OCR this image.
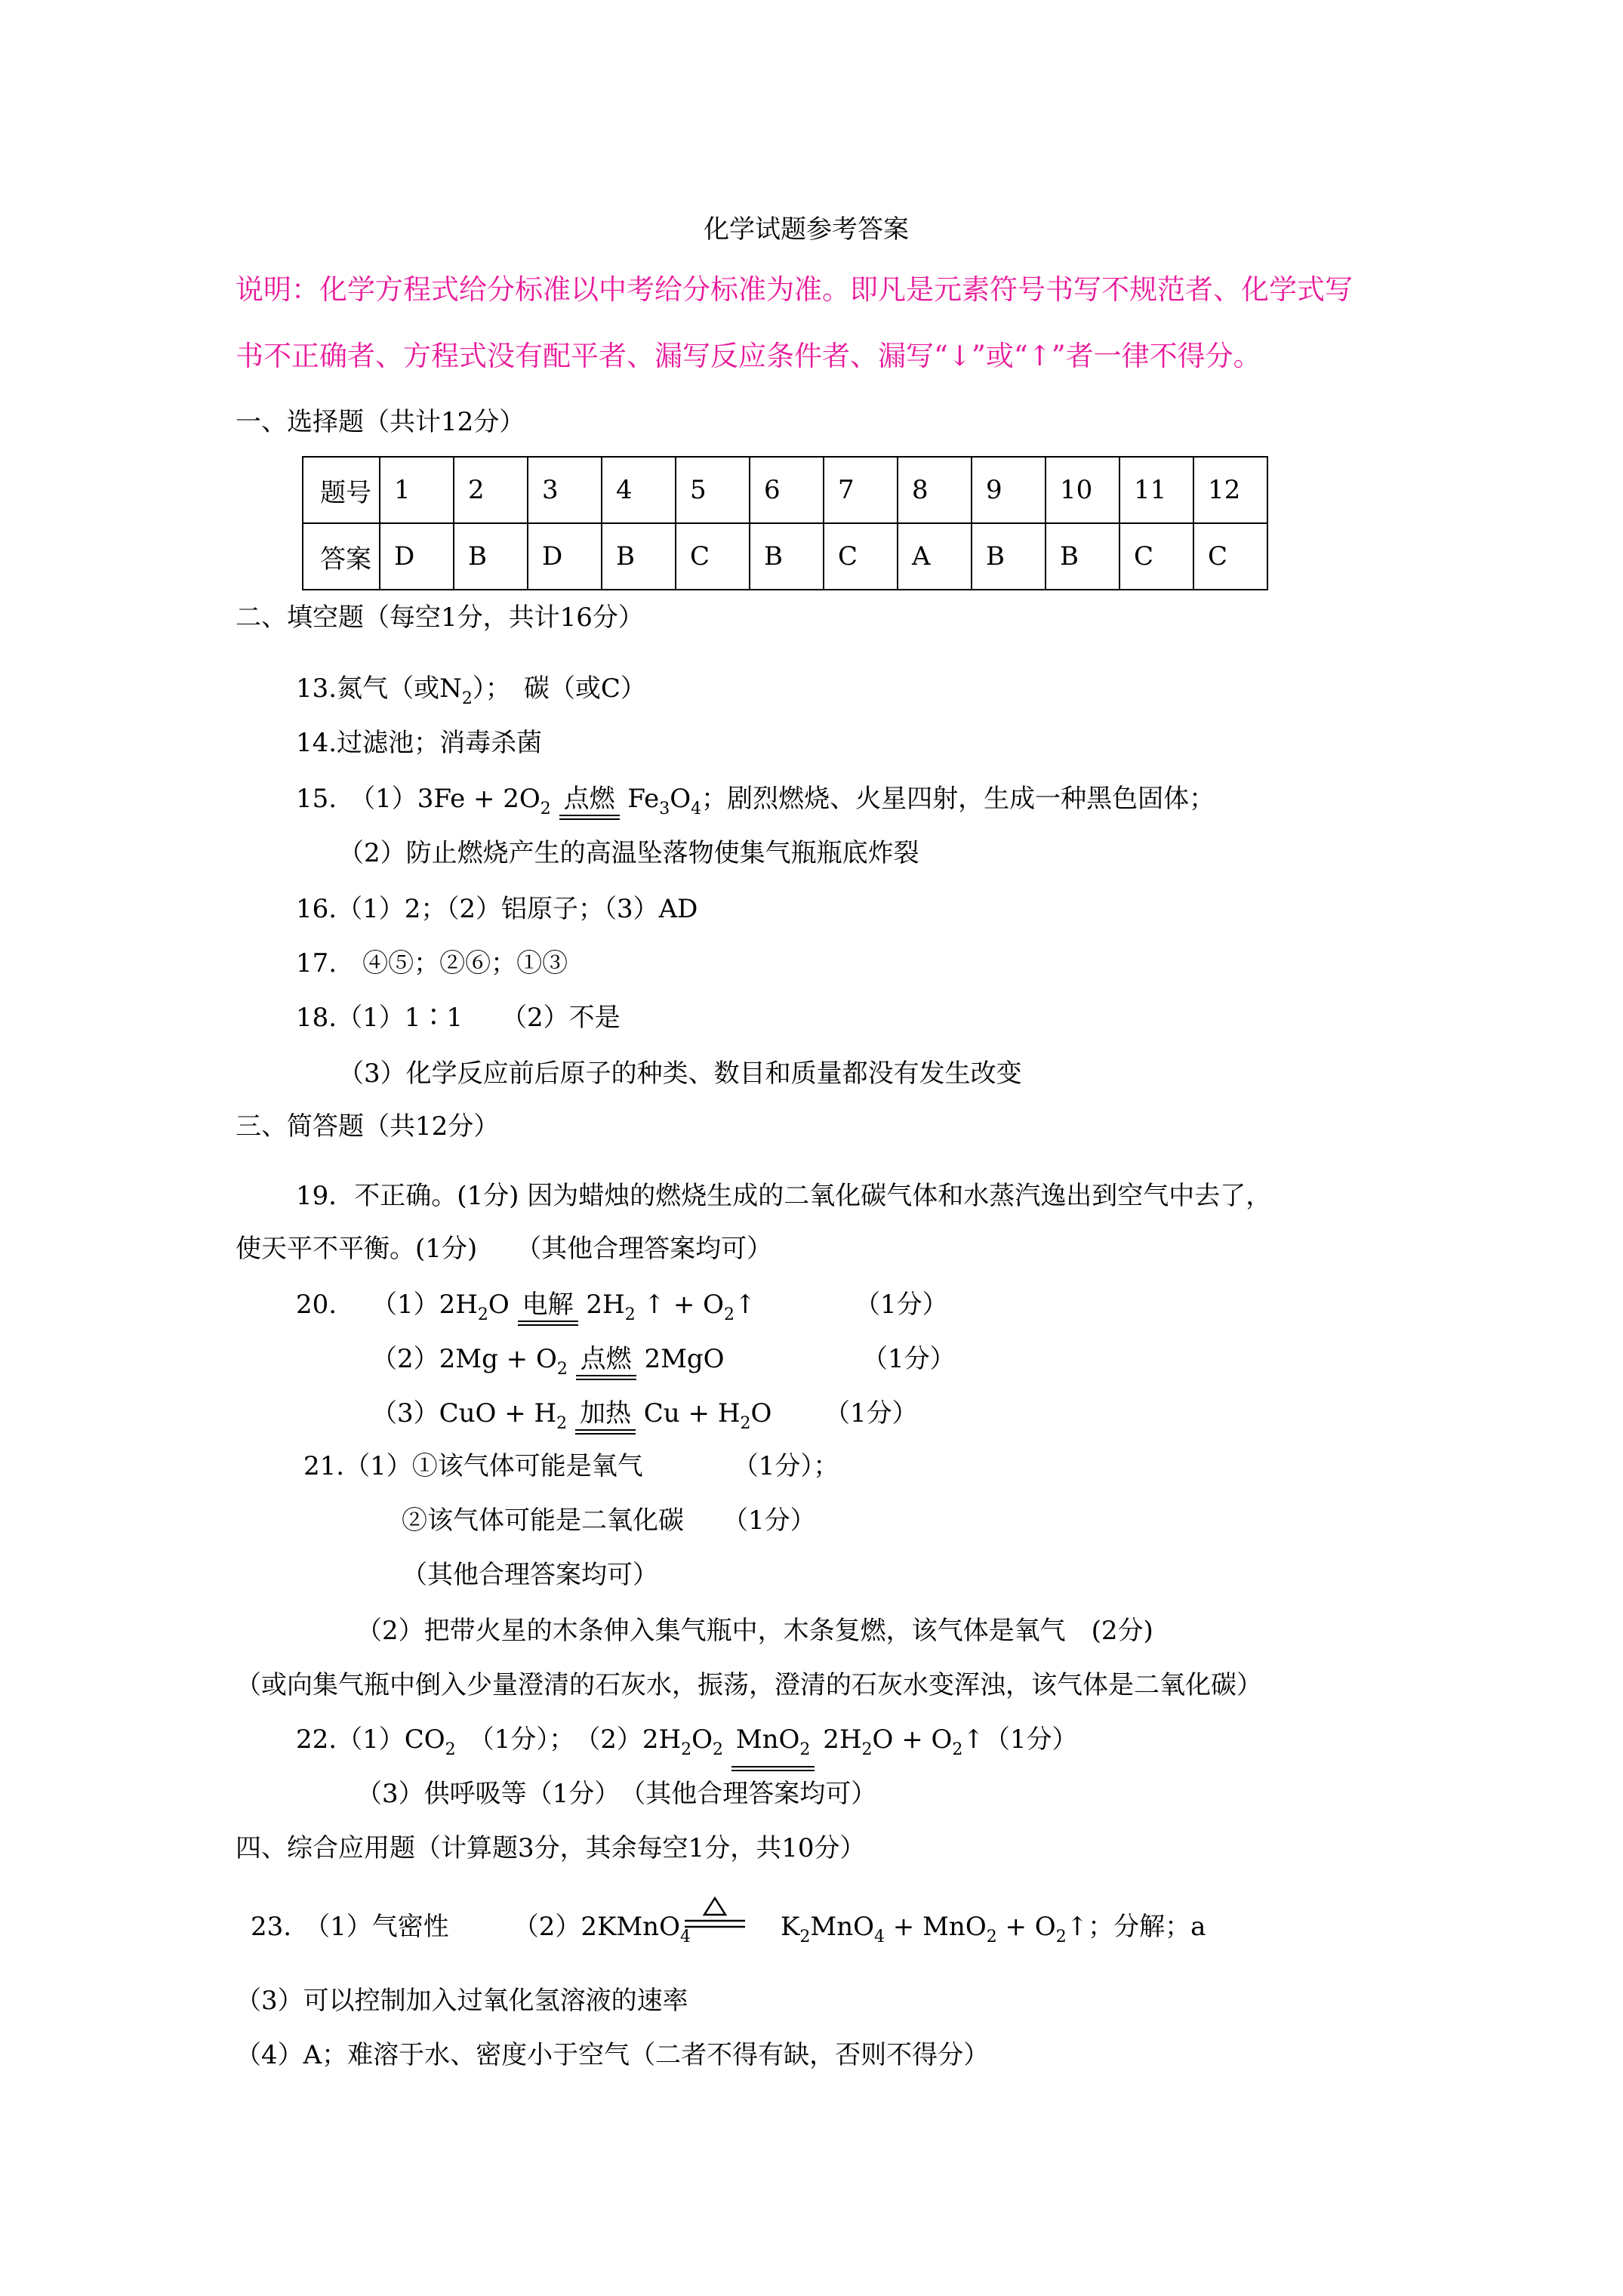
化学试题参考答案
说明：化学方程式给分标准以中考给分标准为准。即凡是元素符号书写不规范者、化学式写
书不正确者、方程式没有配平者、漏写反应条件者、漏写“↓”或“↑”者一律不得分。
一、选择题（共计12分）
题号	1	2	3	4	5	6	7	8	9	10	11	12
答案	D	B	D	B	C	B	C	A	B	B	C	C
二、填空题（每空1分，共计16分）
13.氮气（或$N_2$）；　碳（或C）
14.过滤池；消毒杀菌
15.　$(1)3Fe + 2O_2$ 点燃 $Fe_3O_4$；剧烈燃烧、火星四射，生成一种黑色固体；
（2）防止燃烧产生的高温坠落物使集气瓶瓶底炸裂
16.（1）2；（2）铝原子；（3）AD
17.　④⑤；②⑥；①③
18.（1）1∶1　　（2）不是
（3）化学反应前后原子的种类、数目和质量都没有发生改变
三、简答题（共12分）
19．不正确。(1分) 因为蜡烛的燃烧生成的二氧化碳气体和水蒸汽逸出到空气中去了，
使天平不平衡。(1分)　　（其他合理答案均可）
20. $(1)2H_2O$ 电解 $2H_2$ ↑ + $O_2↑$	（1分）
$(2)2Mg + O_2$ 点燃 2MgO	（1分）
$(3)CuO + H_2$ 加热 $Cu + H_2O$ （1分）
21.（1）①该气体可能是氧气　　　　（1分）；
②该气体可能是二氧化碳　　（1分）
（其他合理答案均可）
（2）把带火星的木条伸入集气瓶中，木条复燃，该气体是氧气　(2分)
（或向集气瓶中倒入少量澄清的石灰水，振荡，澄清的石灰水变浑浊，该气体是二氧化碳）
$22.(1)CO_2$　（1分）；　$(2)2H_2O_2$ MnO$_2$ $2H_2O$ + $O_2↑(1$分）
（3）供呼吸等（1分）　（其他合理答案均可）
四、综合应用题（计算题3分，其余每空1分，共10分）
23.　（1）气密性　　　（2）2KMnO$_4$	$K_2MnO_4 + MnO_2$ + $O_2↑$；分解；a
（3）可以控制加入过氧化氢溶液的速率
（4）A；难溶于水、密度小于空气（二者不得有缺，否则不得分）
